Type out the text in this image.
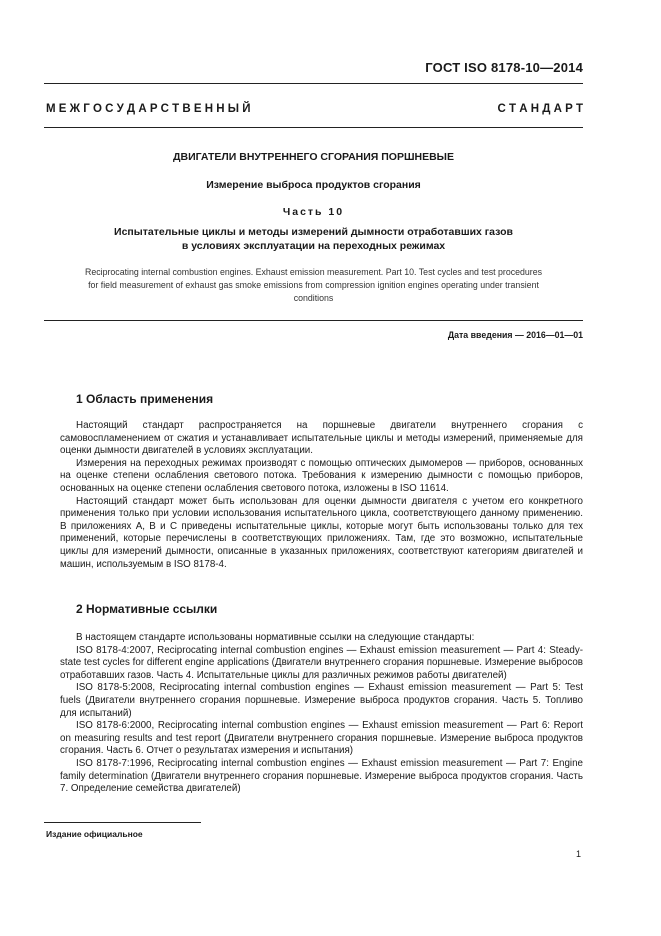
ГОСТ ISO 8178-10—2014
М Е Ж Г О С У Д А Р С Т В Е Н Н Ы Й	С Т А Н Д А Р Т
ДВИГАТЕЛИ ВНУТРЕННЕГО СГОРАНИЯ ПОРШНЕВЫЕ
Измерение выброса продуктов сгорания
Часть 10
Испытательные циклы и методы измерений дымности отработавших газов
в условиях эксплуатации на переходных режимах
Reciprocating internal combustion engines. Exhaust emission measurement. Part 10. Test cycles and test procedures
for field measurement of exhaust gas smoke emissions from compression ignition engines operating under transient
conditions
Дата введения — 2016—01—01
1 Область применения

Настоящий стандарт распространяется на поршневые двигатели внутреннего сгорания с самовоспламенением от сжатия и устанавливает испытательные циклы и методы измерений, применяемые для оценки дымности двигателей в условиях эксплуатации.

Измерения на переходных режимах производят с помощью оптических дымомеров — приборов, основанных на оценке степени ослабления светового потока. Требования к измерению дымности с помощью приборов, основанных на оценке степени ослабления светового потока, изложены в ISO 11614.

Настоящий стандарт может быть использован для оценки дымности двигателя с учетом его конкретного применения только при условии использования испытательного цикла, соответствующего данному применению. В приложениях А, В и С приведены испытательные циклы, которые могут быть использованы только для тех применений, которые перечислены в соответствующих приложениях. Там, где это возможно, испытательные циклы для измерений дымности, описанные в указанных приложениях, соответствуют категориям двигателей и машин, используемым в ISO 8178-4.

2 Нормативные ссылки

В настоящем стандарте использованы нормативные ссылки на следующие стандарты:

ISO 8178-4:2007, Reciprocating internal combustion engines — Exhaust emission measurement — Part 4: Steady-state test cycles for different engine applications (Двигатели внутреннего сгорания поршневые. Измерение выбросов отработавших газов. Часть 4. Испытательные циклы для различных режимов работы двигателей)

ISO 8178-5:2008, Reciprocating internal combustion engines — Exhaust emission measurement — Part 5: Test fuels (Двигатели внутреннего сгорания поршневые. Измерение выброса продуктов сгорания. Часть 5. Топливо для испытаний)

ISO 8178-6:2000, Reciprocating internal combustion engines — Exhaust emission measurement — Part 6: Report on measuring results and test report (Двигатели внутреннего сгорания поршневые. Измерение выброса продуктов сгорания. Часть 6. Отчет о результатах измерения и испытания)

ISO 8178-7:1996, Reciprocating internal combustion engines — Exhaust emission measurement — Part 7: Engine family determination (Двигатели внутреннего сгорания поршневые. Измерение выброса продуктов сгорания. Часть 7. Определение семейства двигателей)

Издание официальное
1
